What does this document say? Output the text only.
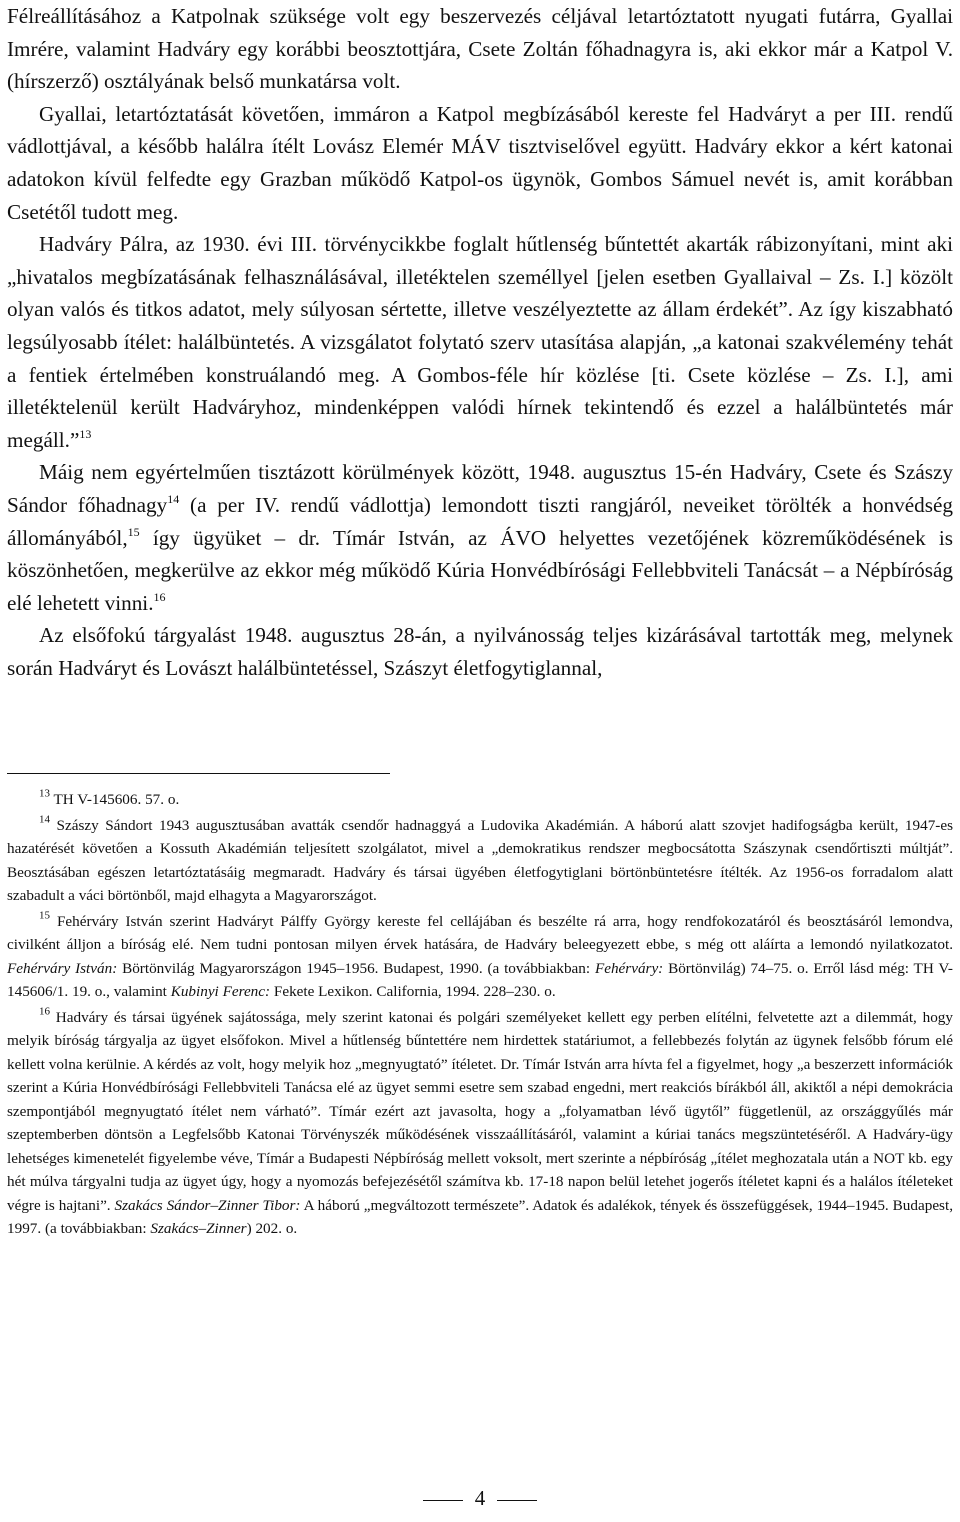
Félreállításához a Katpolnak szüksége volt egy beszervezés céljával letartóztatott nyugati futárra, Gyallai Imrére, valamint Hadváry egy korábbi beosztottjára, Csete Zoltán főhadnagyra is, aki ekkor már a Katpol V. (hírszerző) osztályának belső munkatársa volt.

Gyallai, letartóztatását követően, immáron a Katpol megbízásából kereste fel Hadváryt a per III. rendű vádlottjával, a később halálra ítélt Lovász Elemér MÁV tisztviselővel együtt. Hadváry ekkor a kért katonai adatokon kívül felfedte egy Grazban működő Katpol-os ügynök, Gombos Sámuel nevét is, amit korábban Csetétől tudott meg.

Hadváry Pálra, az 1930. évi III. törvénycikkbe foglalt hűtlenség bűntettét akarták rábizonyítani, mint aki „hivatalos megbízatásának felhasználásával, illetéktelen személlyel [jelen esetben Gyallaival – Zs. I.] közölt olyan valós és titkos adatot, mely súlyosan sértette, illetve veszélyeztette az állam érdekét”. Az így kiszabható legsúlyosabb ítélet: halálbüntetés. A vizsgálatot folytató szerv utasítása alapján, „a katonai szakvélemény tehát a fentiek értelmében konstruálandó meg. A Gombos-féle hír közlése [ti. Csete közlése – Zs. I.], ami illetéktelenül került Hadváryhoz, mindenképpen valódi hírnek tekintendő és ezzel a halálbüntetés már megáll.”$^{13}$

Máig nem egyértelműen tisztázott körülmények között, 1948. augusztus 15-én Hadváry, Csete és Szászy Sándor főhadnagy$^{14}$ (a per IV. rendű vádlottja) lemondott tiszti rangjáról, neveiket törölték a honvédség állományából,$^{15}$ így ügyüket – dr. Tímár István, az ÁVO helyettes vezetőjének közreműködésének is köszönhetően, megkerülve az ekkor még működő Kúria Honvédbírósági Fellebbviteli Tanácsát – a Népbíróság elé lehetett vinni.$^{16}$

Az elsőfokú tárgyalást 1948. augusztus 28-án, a nyilvánosság teljes kizárásával tartották meg, melynek során Hadváryt és Lovászt halálbüntetéssel, Szászyt életfogytiglannal,

$^{13}$ TH V-145606. 57. o.

$^{14}$ Szászy Sándort 1943 augusztusában avatták csendőr hadnaggyá a Ludovika Akadémián. A háború alatt szovjet hadifogságba került, 1947-es hazatérését követően a Kossuth Akadémián teljesített szolgálatot, mivel a „demokratikus rendszer megbocsátotta Szászynak csendőrtiszti múltját”. Beosztásában egészen letartóztatásáig megmaradt. Hadváry és társai ügyében életfogytiglani börtönbüntetésre ítélték. Az 1956-os forradalom alatt szabadult a váci börtönből, majd elhagyta a Magyarországot.

$^{15}$ Fehérváry István szerint Hadváryt Pálffy György kereste fel cellájában és beszélte rá arra, hogy rendfokozatáról és beosztásáról lemondva, civilként álljon a bíróság elé. Nem tudni pontosan milyen érvek hatására, de Hadváry beleegyezett ebbe, s még ott aláírta a lemondó nyilatkozatot. Fehérváry István: Börtönvilág Magyarországon 1945–1956. Budapest, 1990. (a továbbiakban: Fehérváry: Börtönvilág) 74–75. o. Erről lásd még: TH V-145606/1. 19. o., valamint Kubinyi Ferenc: Fekete Lexikon. California, 1994. 228–230. o.

$^{16}$ Hadváry és társai ügyének sajátossága, mely szerint katonai és polgári személyeket kellett egy perben elítélni, felvetette azt a dilemmát, hogy melyik bíróság tárgyalja az ügyet elsőfokon. Mivel a hűtlenség bűntettére nem hirdettek statáriumot, a fellebbezés folytán az ügynek felsőbb fórum elé kellett volna kerülnie. A kérdés az volt, hogy melyik hoz „megnyugtató” ítéletet. Dr. Tímár István arra hívta fel a figyelmet, hogy „a beszerzett információk szerint a Kúria Honvédbírósági Fellebbviteli Tanácsa elé az ügyet semmi esetre sem szabad engedni, mert reakciós bírákból áll, akiktől a népi demokrácia szempontjából megnyugtató ítélet nem várható”. Tímár ezért azt javasolta, hogy a „folyamatban lévő ügytől” függetlenül, az országgyűlés már szeptemberben döntsön a Legfelsőbb Katonai Törvényszék működésének visszaállításáról, valamint a kúriai tanács megszüntetéséről. A Hadváry-ügy lehetséges kimenetelét figyelembe véve, Tímár a Budapesti Népbíróság mellett voksolt, mert szerinte a népbíróság „ítélet meghozatala után a NOT kb. egy hét múlva tárgyalni tudja az ügyet úgy, hogy a nyomozás befejezésétől számítva kb. 17-18 napon belül letehet jogerős ítéletet kapni és a halálos ítéleteket végre is hajtani”. Szakács Sándor–Zinner Tibor: A háború „megváltozott természete”. Adatok és adalékok, tények és összefüggések, 1944–1945. Budapest, 1997. (a továbbiakban: Szakács–Zinner) 202. o.

4
